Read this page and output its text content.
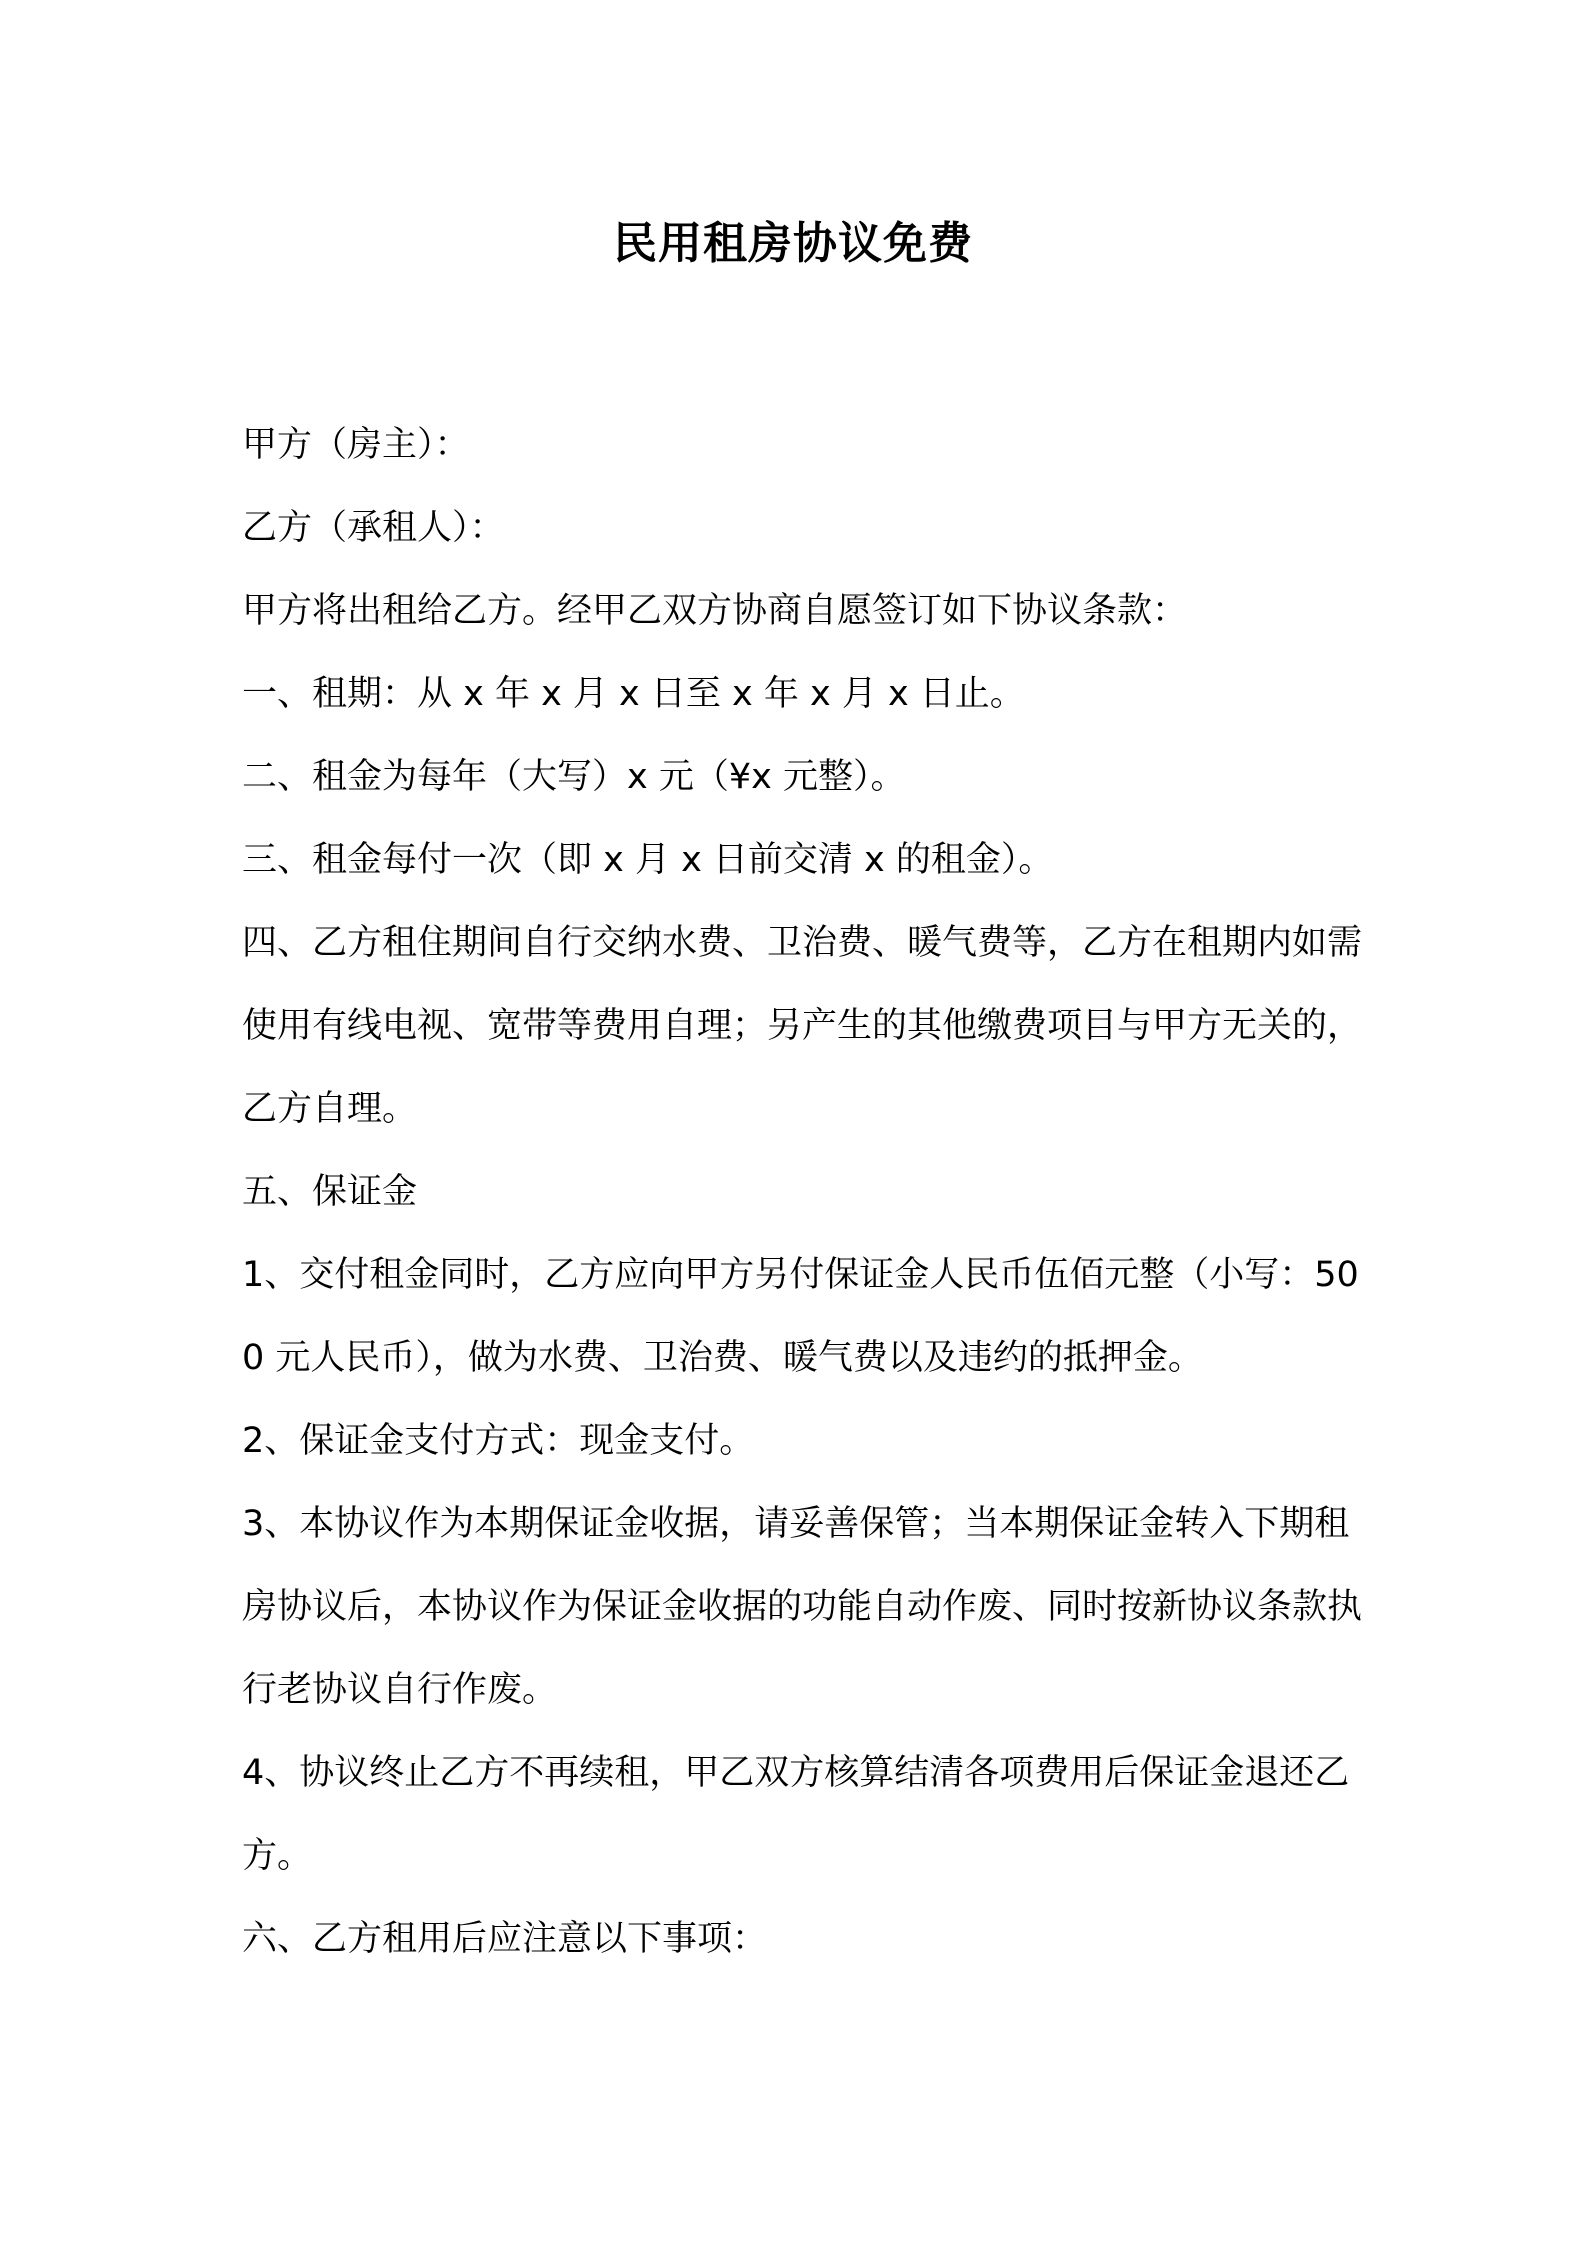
民用租房协议免费

甲方（房主）：

乙方（承租人）：

甲方将出租给乙方。经甲乙双方协商自愿签订如下协议条款：

一、租期：从 x 年 x 月 x 日至 x 年 x 月 x 日止。

二、租金为每年（大写）x 元（¥x 元整）。

三、租金每付一次（即 x 月 x 日前交清 x 的租金）。

四、乙方租住期间自行交纳水费、卫治费、暖气费等，乙方在租期内如需使用有线电视、宽带等费用自理；另产生的其他缴费项目与甲方无关的，乙方自理。

五、保证金

1、交付租金同时，乙方应向甲方另付保证金人民币伍佰元整（小写：500 元人民币），做为水费、卫治费、暖气费以及违约的抵押金。

2、保证金支付方式：现金支付。

3、本协议作为本期保证金收据，请妥善保管；当本期保证金转入下期租房协议后，本协议作为保证金收据的功能自动作废、同时按新协议条款执行老协议自行作废。

4、协议终止乙方不再续租，甲乙双方核算结清各项费用后保证金退还乙方。

六、乙方租用后应注意以下事项：
